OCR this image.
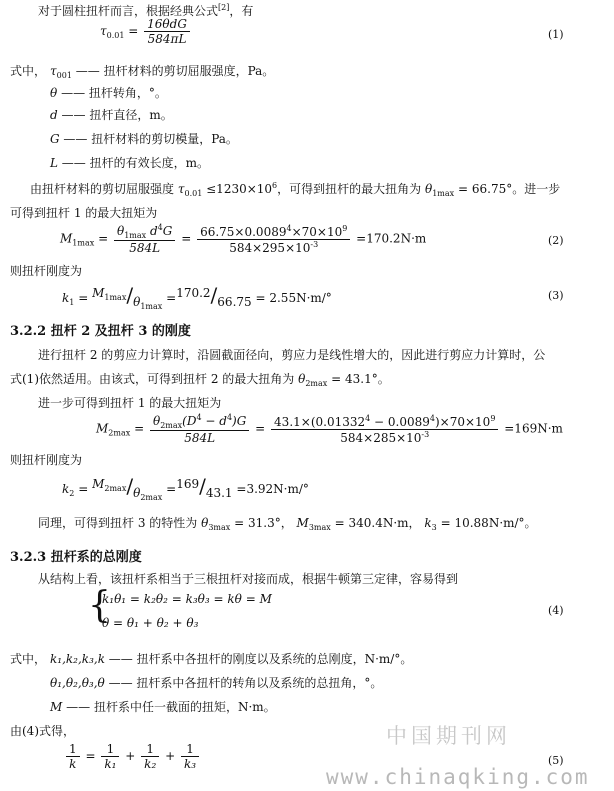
对于圆柱扭杆而言，根据经典公式[2]，有
$\tau_{0.01} = \frac{\text{16θdG}}{584\pi L}$	(1)
式中， $\tau_{001}$ —— 扭杆材料的剪切屈服强度，Pa。
θ —— 扭杆转角，°。
d —— 扭杆直径，m。
G —— 扭杆材料的剪切模量，Pa。
L —— 扭杆的有效长度，m。
由扭杆材料的剪切屈服强度 $\tau_{0.01} \le 1230\times 10^6$，可得到扭杆的最大扭角为 $\theta_{1max} = 66.75^\circ$。进一步
可得到扭杆 1 的最大扭矩为
$M_{1max} = \frac{\theta_{1max} d^4G}{584L} = \frac{66.75\times 0.0089^4\times 70\times 10^9}{584\times 295\times 10^{-3}} =170.2N\cdot m$	(2)
则扭杆刚度为
$k_1 = M^{1max}/\theta_{1max} =170.2/66.75 = 2.55N\cdot m/^\circ$	(3)
3.2.2 扭杆 2 及扭杆 3 的刚度
进行扭杆 2 的剪应力计算时，沿圆截面径向，剪应力是线性增大的，因此进行剪应力计算时，公
式(1)依然适用。由该式，可得到扭杆 2 的最大扭角为 $\theta_{2max} = 43.1^\circ$。
进一步可得到扭杆 1 的最大扭矩为
$M_{2max} = \frac{\theta_{2max}(D^4 - d^4)G}{584L} = \frac{43.1\times(0.01332^4 - 0.0089^4)\times 70\times 10^9}{584\times 285\times 10^{-3}} =169N\cdot m$
则扭杆刚度为
$k_2 = M^{2max}/\theta_{2max} =169/43.1 =3.92N\cdot m/^\circ$
同理，可得到扭杆 3 的特性为 $\theta_{3max} = 31.3^\circ$， $M_{3max} = 340.4N\cdot m$， $k_3 = 10.88N\cdot m/^\circ$。
3.2.3 扭杆系的总刚度
从结构上看，该扭杆系相当于三根扭杆对接而成，根据牛顿第三定律，容易得到
{
k₁θ₁ = k₂θ₂ = k₃θ₃ = kθ = M
θ = θ₁ + θ₂ + θ₃
(4)
式中， k₁,k₂,k₃,k —— 扭杆系中各扭杆的刚度以及系统的总刚度，N·m/°。
θ₁,θ₂,θ₃,θ —— 扭杆系中各扭杆的转角以及系统的总扭角，°。
M —— 扭杆系中任一截面的扭矩，N·m。
由(4)式得，	中国期刊网
$\frac{1}{k} = \frac{1}{\text{k₁}} + \frac{1}{\text{k₂}} + \frac{1}{\text{k₃}}$	(5)
www.chinaqking.com
